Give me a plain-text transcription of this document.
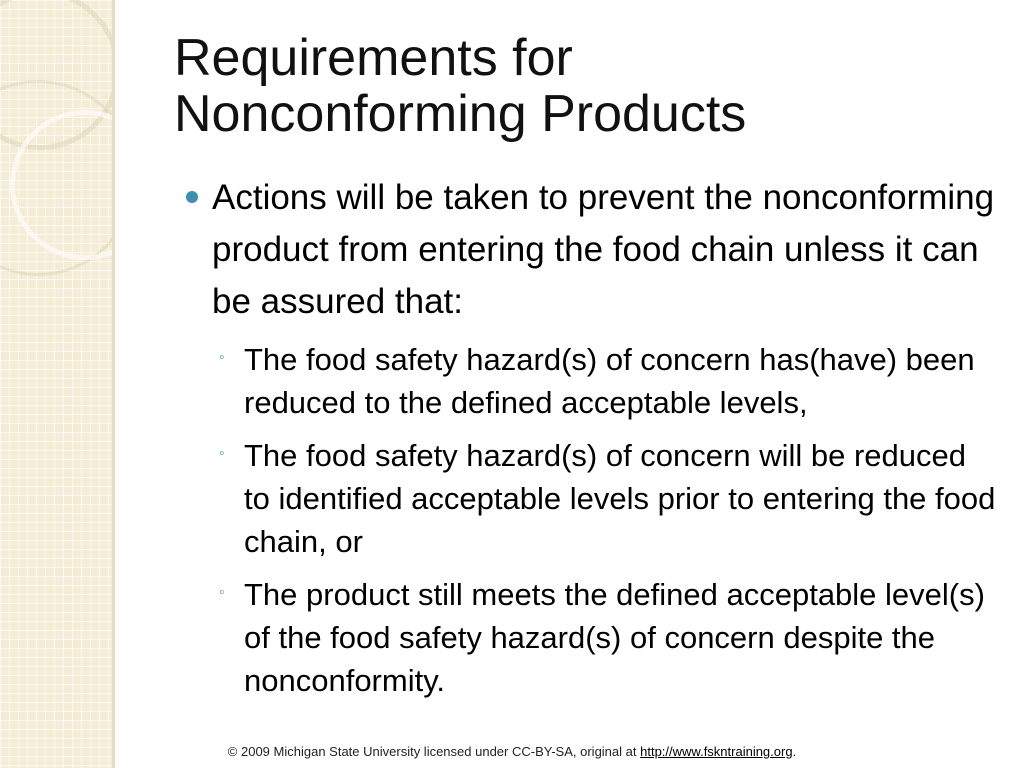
Requirements for
Nonconforming Products
Actions will be taken to prevent the nonconforming product from entering the food chain unless it can be assured that:
◦ The food safety hazard(s) of concern has(have) been reduced to the defined acceptable levels,
◦ The food safety hazard(s) of concern will be reduced to identified acceptable levels prior to entering the food chain, or
◦ The product still meets the defined acceptable level(s) of the food safety hazard(s) of concern despite the nonconformity.
© 2009 Michigan State University licensed under CC-BY-SA, original at http://www.fskntraining.org.
